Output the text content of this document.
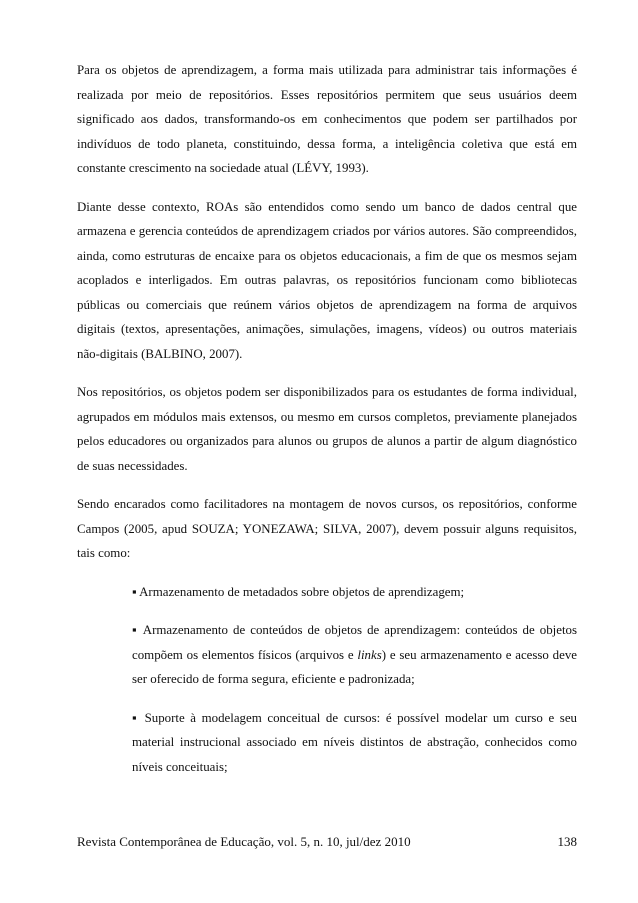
Para os objetos de aprendizagem, a forma mais utilizada para administrar tais informações é realizada por meio de repositórios. Esses repositórios permitem que seus usuários deem significado aos dados, transformando-os em conhecimentos que podem ser partilhados por indivíduos de todo planeta, constituindo, dessa forma, a inteligência coletiva que está em constante crescimento na sociedade atual (LÉVY, 1993).

Diante desse contexto, ROAs são entendidos como sendo um banco de dados central que armazena e gerencia conteúdos de aprendizagem criados por vários autores. São compreendidos, ainda, como estruturas de encaixe para os objetos educacionais, a fim de que os mesmos sejam acoplados e interligados. Em outras palavras, os repositórios funcionam como bibliotecas públicas ou comerciais que reúnem vários objetos de aprendizagem na forma de arquivos digitais (textos, apresentações, animações, simulações, imagens, vídeos) ou outros materiais não-digitais (BALBINO, 2007).

Nos repositórios, os objetos podem ser disponibilizados para os estudantes de forma individual, agrupados em módulos mais extensos, ou mesmo em cursos completos, previamente planejados pelos educadores ou organizados para alunos ou grupos de alunos a partir de algum diagnóstico de suas necessidades.

Sendo encarados como facilitadores na montagem de novos cursos, os repositórios, conforme Campos (2005, apud SOUZA; YONEZAWA; SILVA, 2007), devem possuir alguns requisitos, tais como:

▪ Armazenamento de metadados sobre objetos de aprendizagem;
▪ Armazenamento de conteúdos de objetos de aprendizagem: conteúdos de objetos compõem os elementos físicos (arquivos e links) e seu armazenamento e acesso deve ser oferecido de forma segura, eficiente e padronizada;
▪ Suporte à modelagem conceitual de cursos: é possível modelar um curso e seu material instrucional associado em níveis distintos de abstração, conhecidos como níveis conceituais;
Revista Contemporânea de Educação, vol. 5, n. 10, jul/dez 2010	138
